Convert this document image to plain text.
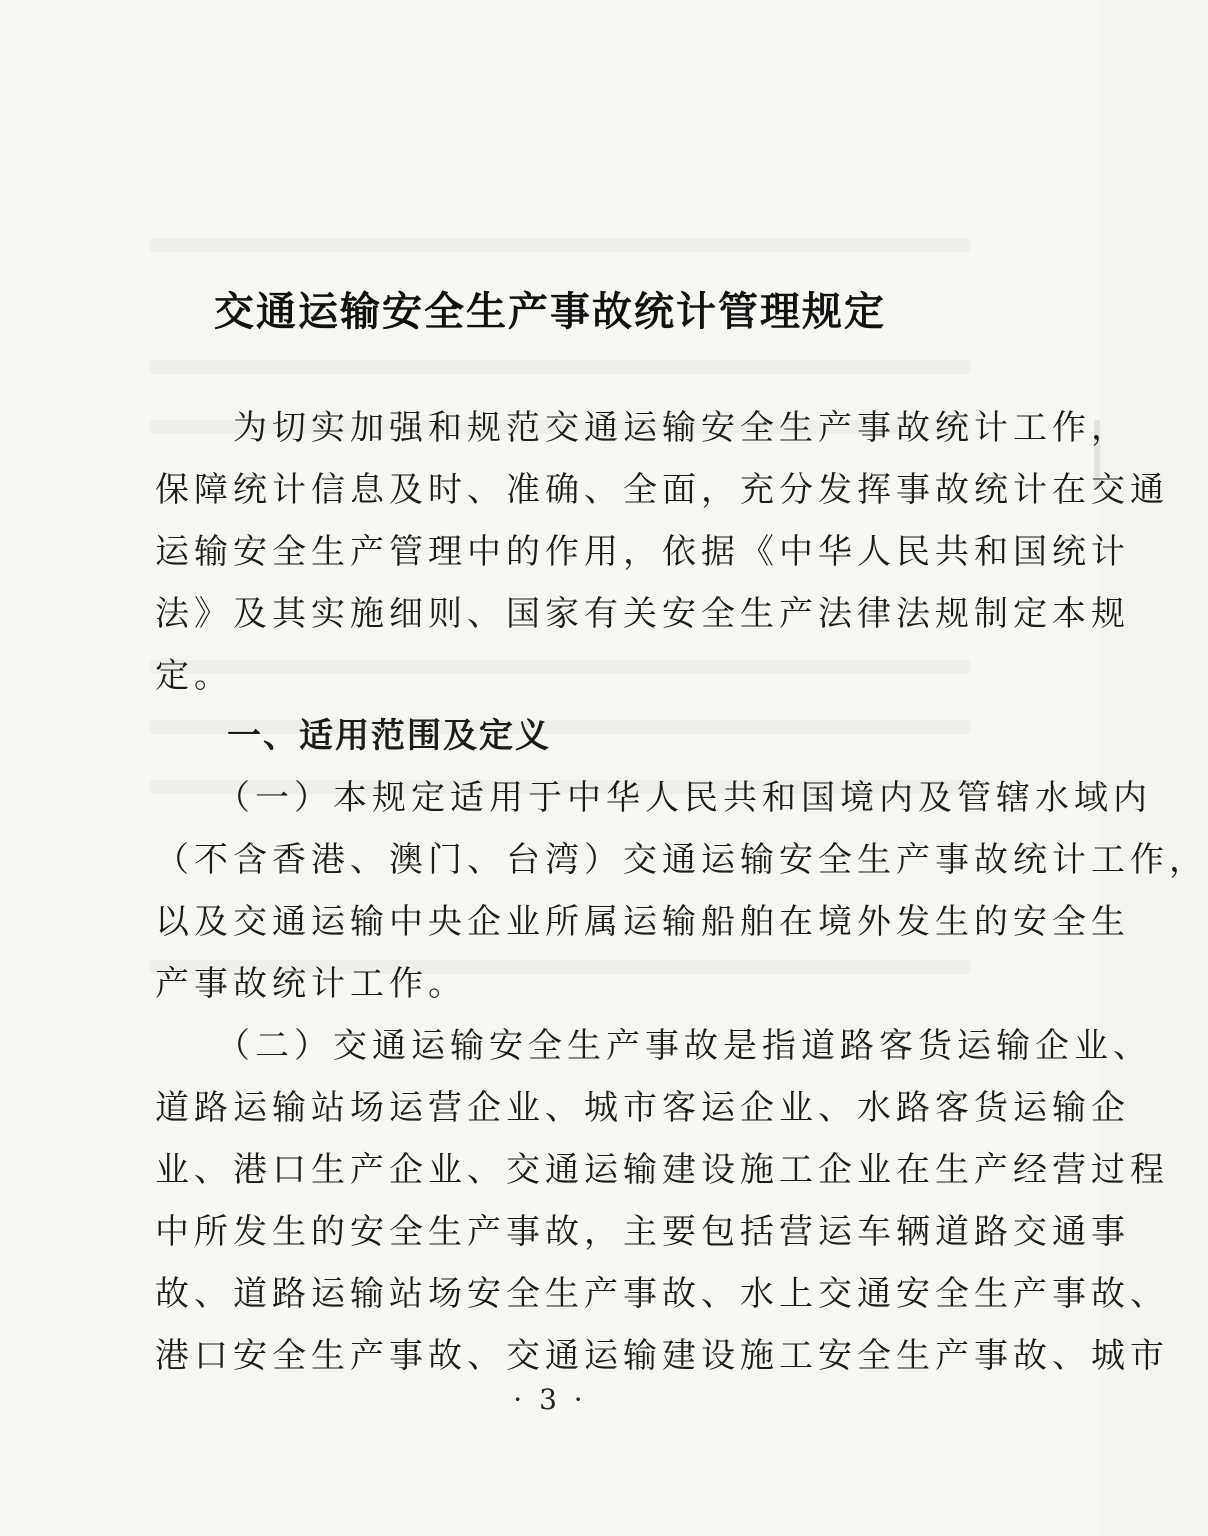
交通运输安全生产事故统计管理规定
　　为切实加强和规范交通运输安全生产事故统计工作，
保障统计信息及时、准确、全面，充分发挥事故统计在交通
运输安全生产管理中的作用，依据《中华人民共和国统计
法》及其实施细则、国家有关安全生产法律法规制定本规
定。
　　一、适用范围及定义
　　（一）本规定适用于中华人民共和国境内及管辖水域内
（不含香港、澳门、台湾）交通运输安全生产事故统计工作，
以及交通运输中央企业所属运输船舶在境外发生的安全生
产事故统计工作。
　　（二）交通运输安全生产事故是指道路客货运输企业、
道路运输站场运营企业、城市客运企业、水路客货运输企
业、港口生产企业、交通运输建设施工企业在生产经营过程
中所发生的安全生产事故，主要包括营运车辆道路交通事
故、道路运输站场安全生产事故、水上交通安全生产事故、
港口安全生产事故、交通运输建设施工安全生产事故、城市
· 3 ·
